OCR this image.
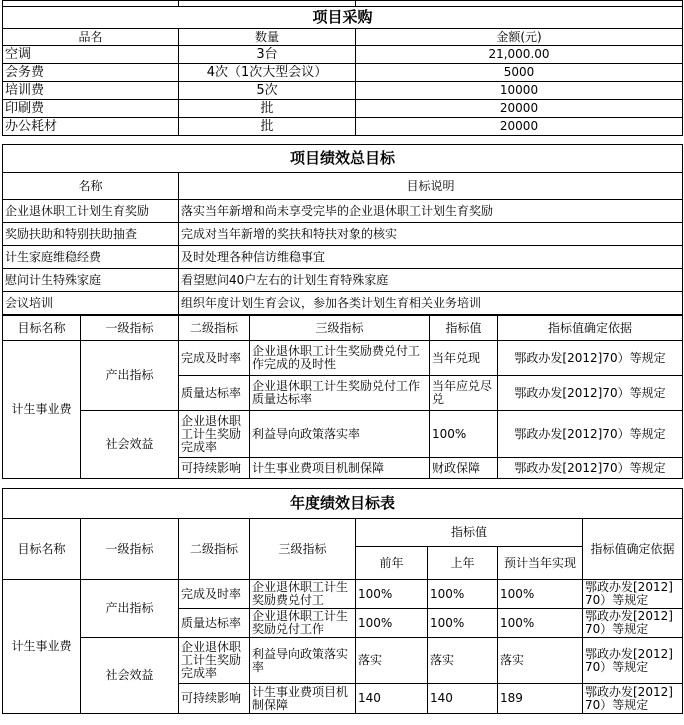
项目采购		
品名	数量	金额(元)
空调	3台	21,000.00
会务费	4次（1次大型会议）	5000
培训费	5次	10000
印刷费	批	20000
办公耗材	批	20000
项目绩效总目标	
名称	目标说明
企业退休职工计划生育奖励	落实当年新增和尚未享受完毕的企业退休职工计划生育奖励
奖励扶助和特别扶助抽查	完成对当年新增的奖扶和特扶对象的核实
计生家庭维稳经费	及时处理各种信访维稳事宜
慰问计生特殊家庭	看望慰问40户左右的计划生育特殊家庭
会议培训	组织年度计划生育会议，参加各类计划生育相关业务培训
目标名称	一级指标	二级指标	三级指标	指标值	指标值确定依据
计生事业费	产出指标	完成及时率	企业退休职工计生奖励费兑付工作完成的及时性	当年兑现	鄂政办发[2012]70）等规定
		质量达标率	企业退休职工计生奖励兑付工作质量达标率	当年应兑尽兑	鄂政办发[2012]70）等规定
	社会效益	企业退休职工计生奖励完成率	利益导向政策落实率	100%	鄂政办发[2012]70）等规定
		可持续影响	计生事业费项目机制保障	财政保障	鄂政办发[2012]70）等规定
年度绩效目标表							
目标名称	一级指标	二级指标	三级指标	指标值			指标值确定依据
				前年	上年	预计当年实现	
计生事业费	产出指标	完成及时率	企业退休职工计生奖励费兑付工	100%	100%	100%	鄂政办发[2012]70）等规定
		质量达标率	企业退休职工计生奖励兑付工作	100%	100%	100%	鄂政办发[2012]70）等规定
	社会效益	企业退休职工计生奖励完成率	利益导向政策落实率	落实	落实	落实	鄂政办发[2012]70）等规定
		可持续影响	计生事业费项目机制保障	140	140	189	鄂政办发[2012]70）等规定
